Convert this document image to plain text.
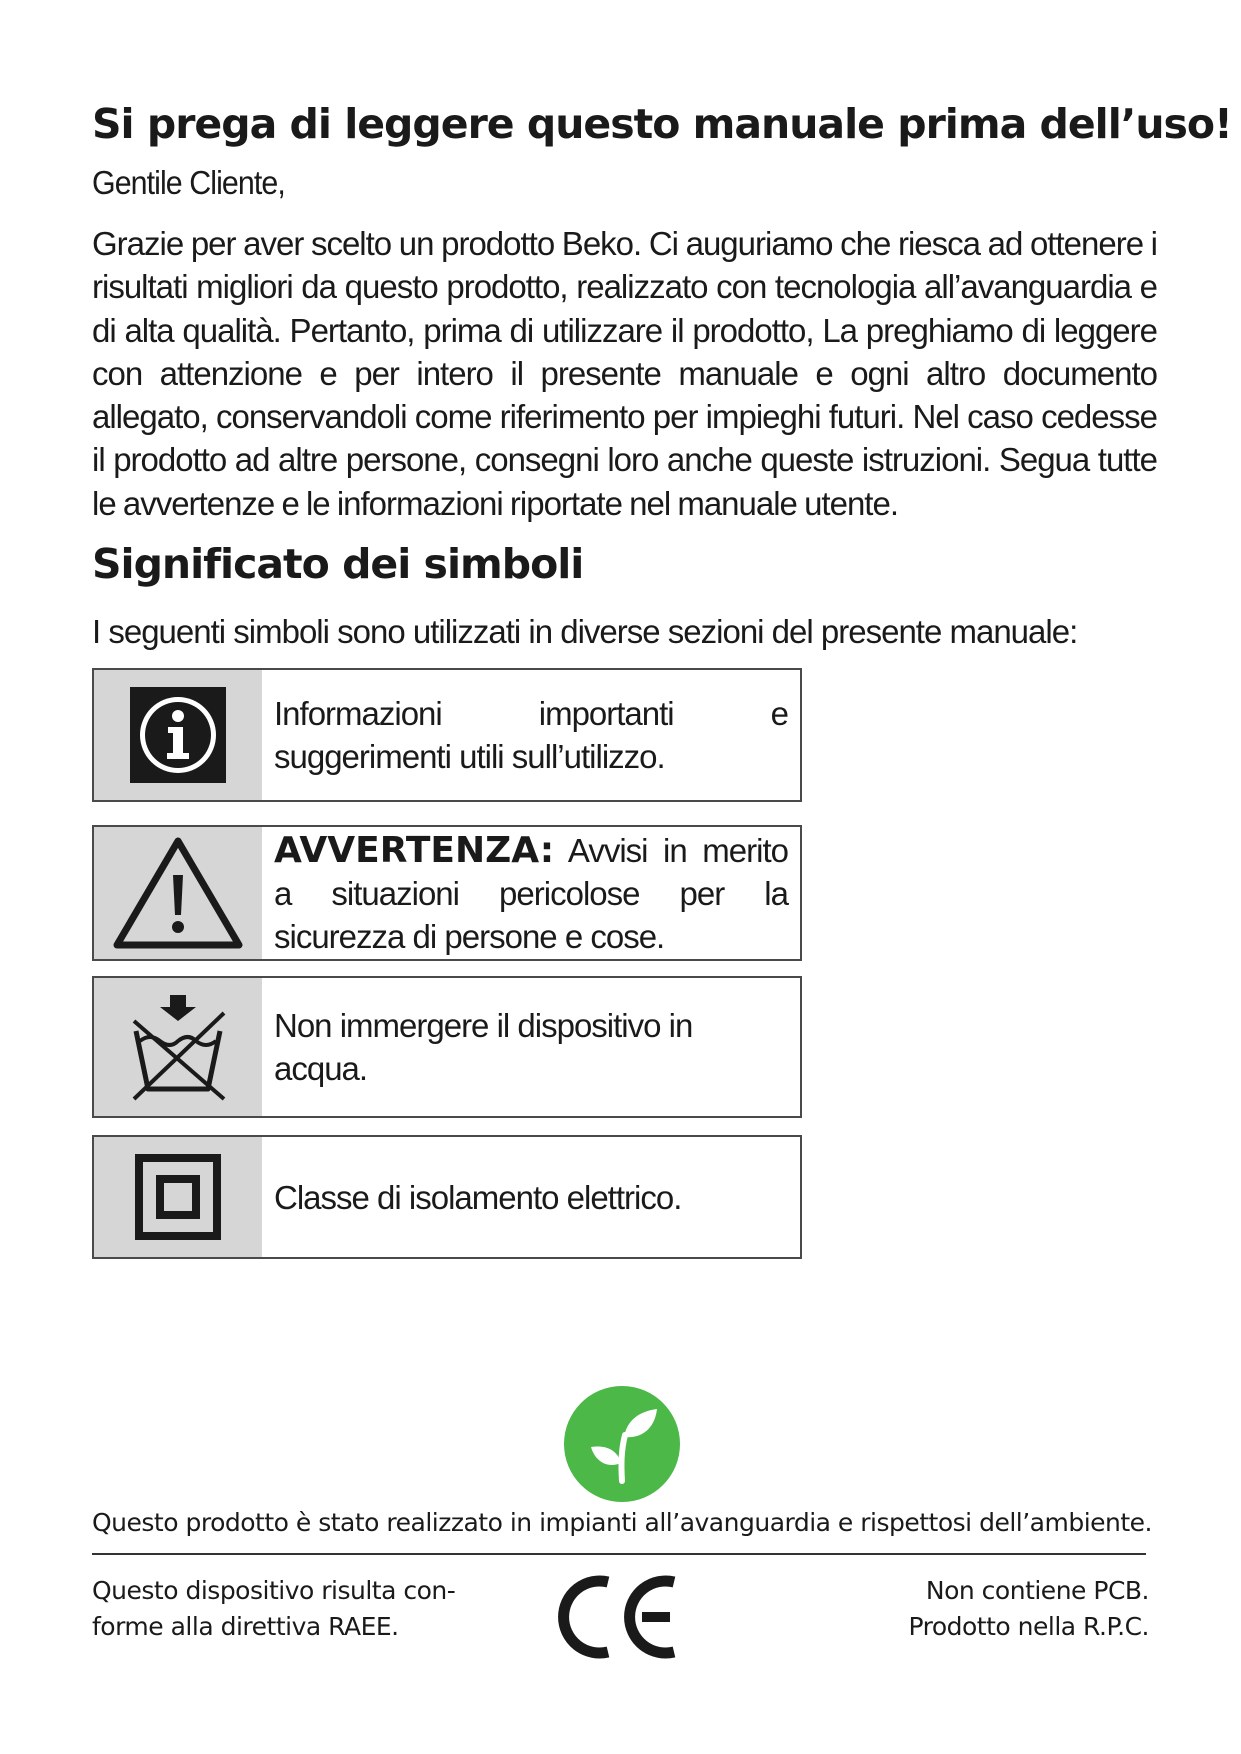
Si prega di leggere questo manuale prima dell’uso!

Gentile Cliente,

Grazie per aver scelto un prodotto Beko. Ci auguriamo che riesca ad ottenere i risultati migliori da questo prodotto, realizzato con tecnologia all’avanguardia e di alta qualità. Pertanto, prima di utilizzare il prodotto, La preghiamo di leggere con attenzione e per intero il presente manuale e ogni altro documento allegato, conservandoli come riferimento per impieghi futuri. Nel caso cedesse il prodotto ad altre persone, consegni loro anche queste istruzioni. Segua tutte le avvertenze e le informazioni riportate nel manuale utente.

Significato dei simboli

I seguenti simboli sono utilizzati in diverse sezioni del presente manuale:

Informazioni importanti e suggerimenti utili sull’utilizzo.
AVVERTENZA: Avvisi in merito a situazioni pericolose per la sicurezza di persone e cose.
Non immergere il dispositivo in acqua.
Classe di isolamento elettrico.

Questo prodotto è stato realizzato in impianti all’avanguardia e rispettosi dell’ambiente.

Questo dispositivo risulta con-
forme alla direttiva RAEE.

Non contiene PCB.
Prodotto nella R.P.C.
